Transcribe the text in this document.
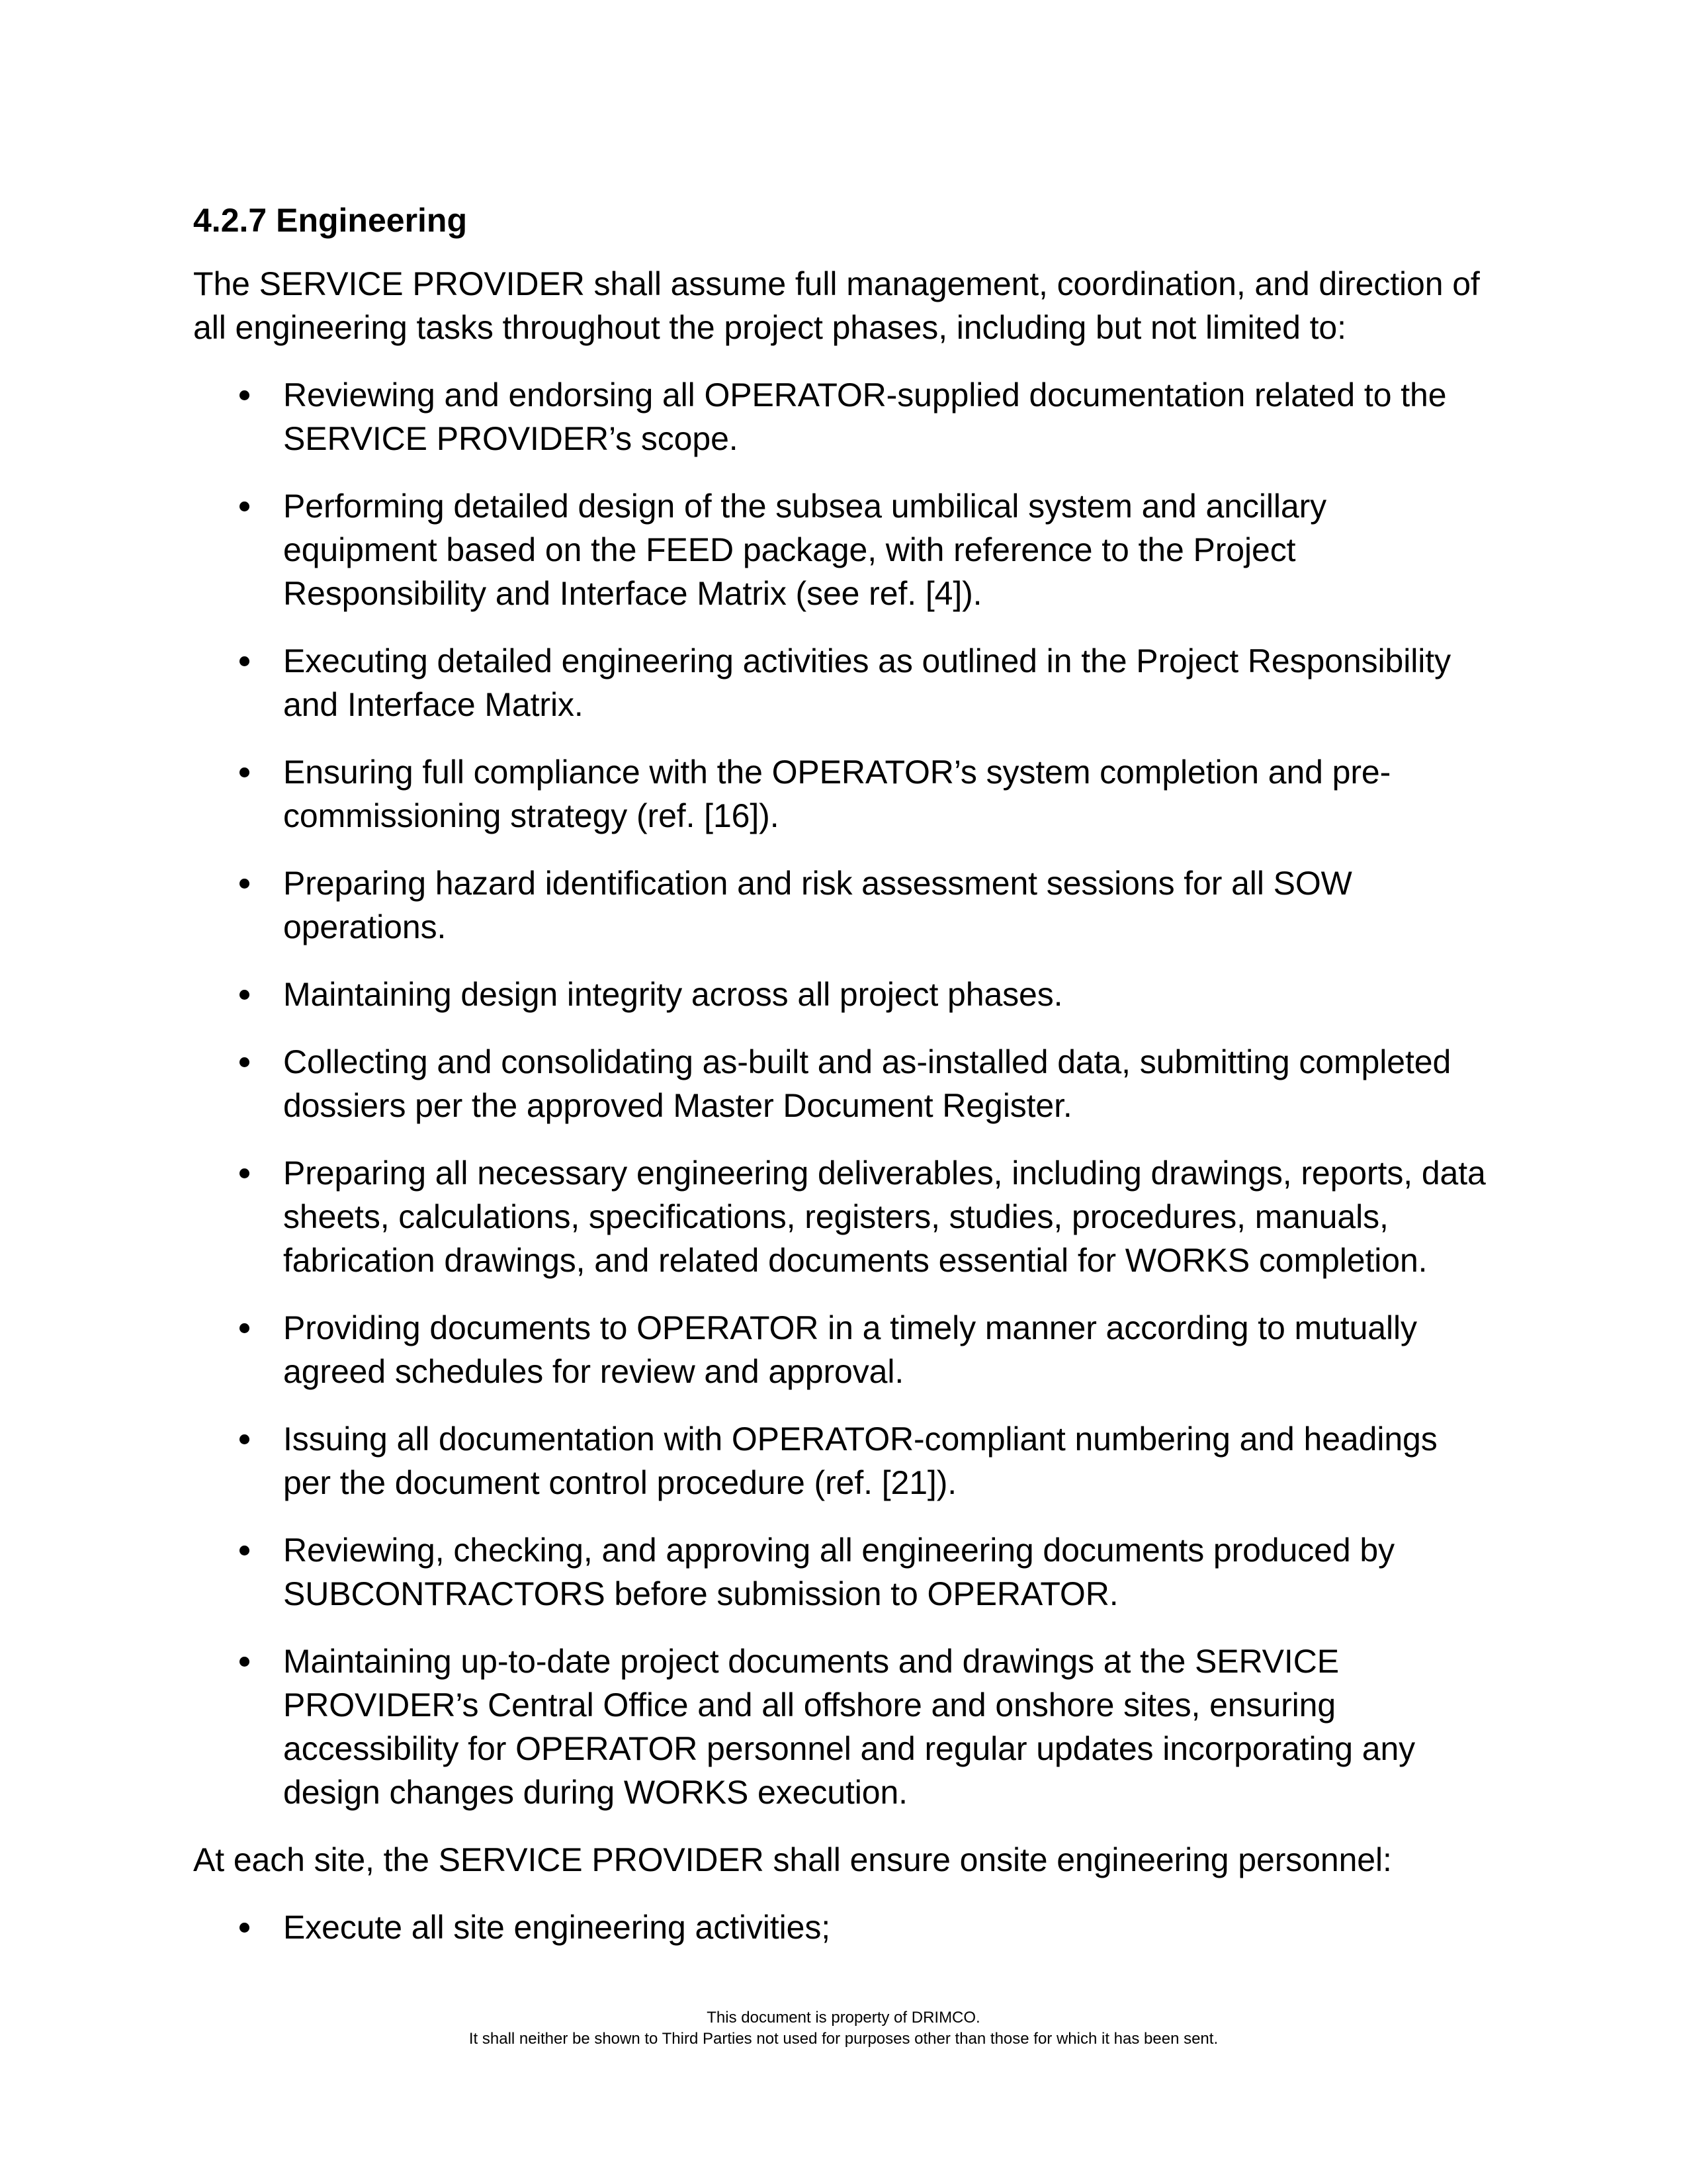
4.2.7 Engineering

The SERVICE PROVIDER shall assume full management, coordination, and direction of all engineering tasks throughout the project phases, including but not limited to:

Reviewing and endorsing all OPERATOR-supplied documentation related to the SERVICE PROVIDER’s scope.
Performing detailed design of the subsea umbilical system and ancillary equipment based on the FEED package, with reference to the Project Responsibility and Interface Matrix (see ref. [4]).
Executing detailed engineering activities as outlined in the Project Responsibility and Interface Matrix.
Ensuring full compliance with the OPERATOR’s system completion and pre-commissioning strategy (ref. [16]).
Preparing hazard identification and risk assessment sessions for all SOW operations.
Maintaining design integrity across all project phases.
Collecting and consolidating as-built and as-installed data, submitting completed dossiers per the approved Master Document Register.
Preparing all necessary engineering deliverables, including drawings, reports, data sheets, calculations, specifications, registers, studies, procedures, manuals, fabrication drawings, and related documents essential for WORKS completion.
Providing documents to OPERATOR in a timely manner according to mutually agreed schedules for review and approval.
Issuing all documentation with OPERATOR-compliant numbering and headings per the document control procedure (ref. [21]).
Reviewing, checking, and approving all engineering documents produced by SUBCONTRACTORS before submission to OPERATOR.
Maintaining up-to-date project documents and drawings at the SERVICE PROVIDER’s Central Office and all offshore and onshore sites, ensuring accessibility for OPERATOR personnel and regular updates incorporating any design changes during WORKS execution.

At each site, the SERVICE PROVIDER shall ensure onsite engineering personnel:

Execute all site engineering activities;
This document is property of DRIMCO.
It shall neither be shown to Third Parties not used for purposes other than those for which it has been sent.
